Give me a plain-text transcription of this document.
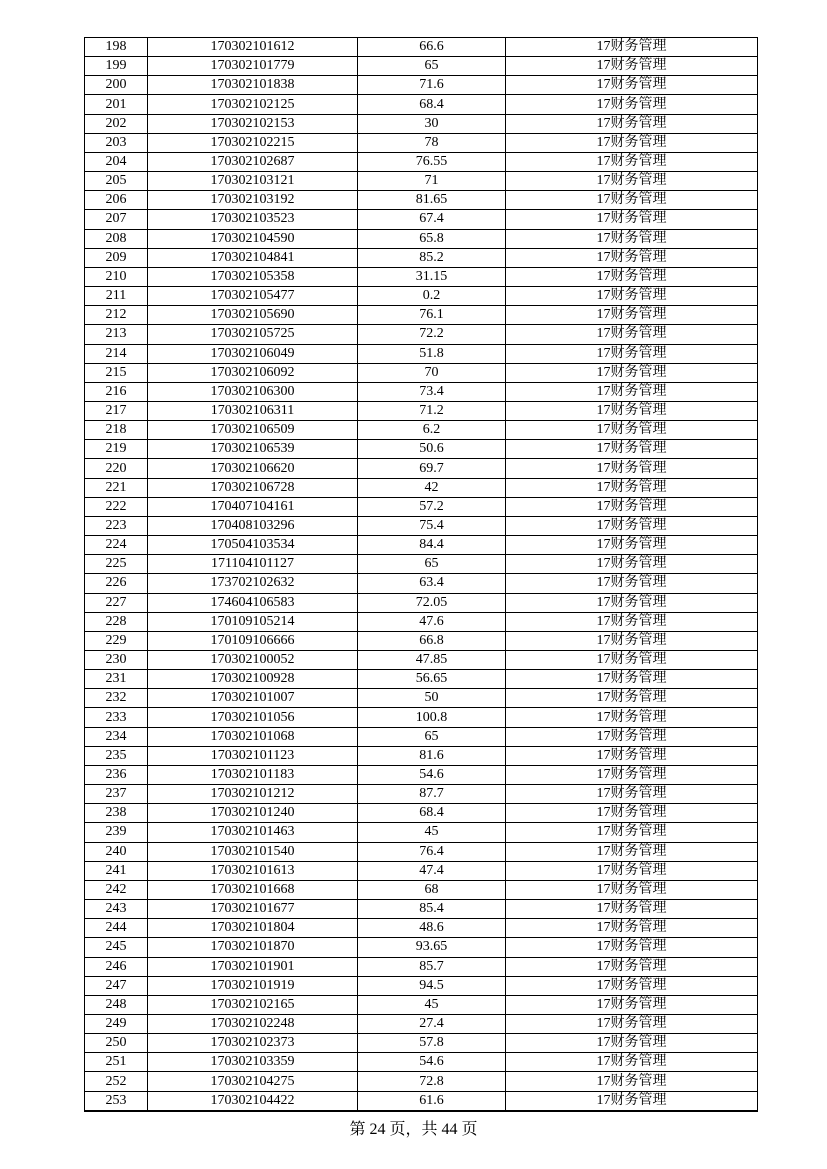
198	170302101612	66.6	17财务管理
199	170302101779	65	17财务管理
200	170302101838	71.6	17财务管理
201	170302102125	68.4	17财务管理
202	170302102153	30	17财务管理
203	170302102215	78	17财务管理
204	170302102687	76.55	17财务管理
205	170302103121	71	17财务管理
206	170302103192	81.65	17财务管理
207	170302103523	67.4	17财务管理
208	170302104590	65.8	17财务管理
209	170302104841	85.2	17财务管理
210	170302105358	31.15	17财务管理
211	170302105477	0.2	17财务管理
212	170302105690	76.1	17财务管理
213	170302105725	72.2	17财务管理
214	170302106049	51.8	17财务管理
215	170302106092	70	17财务管理
216	170302106300	73.4	17财务管理
217	170302106311	71.2	17财务管理
218	170302106509	6.2	17财务管理
219	170302106539	50.6	17财务管理
220	170302106620	69.7	17财务管理
221	170302106728	42	17财务管理
222	170407104161	57.2	17财务管理
223	170408103296	75.4	17财务管理
224	170504103534	84.4	17财务管理
225	171104101127	65	17财务管理
226	173702102632	63.4	17财务管理
227	174604106583	72.05	17财务管理
228	170109105214	47.6	17财务管理
229	170109106666	66.8	17财务管理
230	170302100052	47.85	17财务管理
231	170302100928	56.65	17财务管理
232	170302101007	50	17财务管理
233	170302101056	100.8	17财务管理
234	170302101068	65	17财务管理
235	170302101123	81.6	17财务管理
236	170302101183	54.6	17财务管理
237	170302101212	87.7	17财务管理
238	170302101240	68.4	17财务管理
239	170302101463	45	17财务管理
240	170302101540	76.4	17财务管理
241	170302101613	47.4	17财务管理
242	170302101668	68	17财务管理
243	170302101677	85.4	17财务管理
244	170302101804	48.6	17财务管理
245	170302101870	93.65	17财务管理
246	170302101901	85.7	17财务管理
247	170302101919	94.5	17财务管理
248	170302102165	45	17财务管理
249	170302102248	27.4	17财务管理
250	170302102373	57.8	17财务管理
251	170302103359	54.6	17财务管理
252	170302104275	72.8	17财务管理
253	170302104422	61.6	17财务管理
第 24 页，共 44 页
